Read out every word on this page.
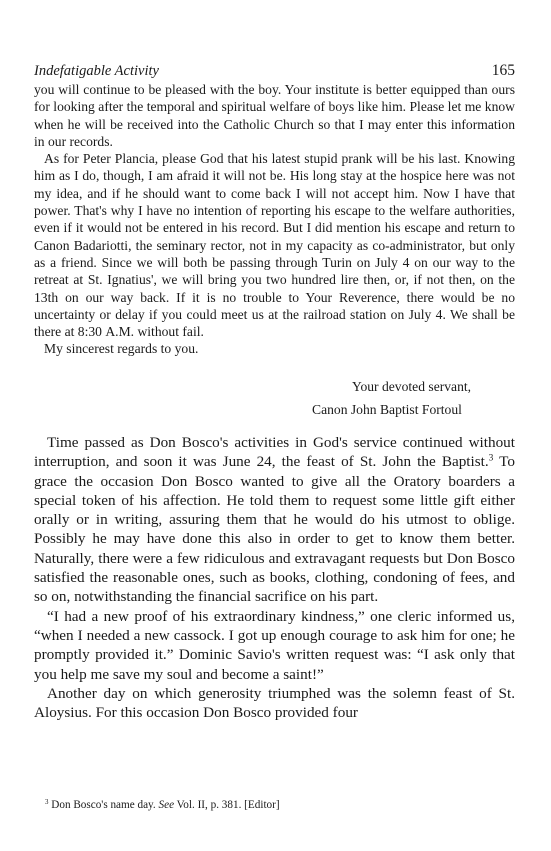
Indefatigable Activity	165

you will continue to be pleased with the boy. Your institute is better equipped than ours for looking after the temporal and spiritual welfare of boys like him. Please let me know when he will be received into the Catholic Church so that I may enter this information in our records.

As for Peter Plancia, please God that his latest stupid prank will be his last. Knowing him as I do, though, I am afraid it will not be. His long stay at the hospice here was not my idea, and if he should want to come back I will not accept him. Now I have that power. That's why I have no intention of reporting his escape to the welfare authorities, even if it would not be entered in his record. But I did mention his escape and return to Canon Badariotti, the seminary rector, not in my capacity as co-administrator, but only as a friend. Since we will both be passing through Turin on July 4 on our way to the retreat at St. Ignatius', we will bring you two hundred lire then, or, if not then, on the 13th on our way back. If it is no trouble to Your Reverence, there would be no uncertainty or delay if you could meet us at the railroad station on July 4. We shall be there at 8:30 A.M. without fail.

My sincerest regards to you.

Your devoted servant,
Canon John Baptist Fortoul

Time passed as Don Bosco's activities in God's service continued without interruption, and soon it was June 24, the feast of St. John the Baptist.$^3$ To grace the occasion Don Bosco wanted to give all the Oratory boarders a special token of his affection. He told them to request some little gift either orally or in writing, assuring them that he would do his utmost to oblige. Possibly he may have done this also in order to get to know them better. Naturally, there were a few ridiculous and extravagant requests but Don Bosco satisfied the reasonable ones, such as books, clothing, condoning of fees, and so on, notwithstanding the financial sacrifice on his part.

“I had a new proof of his extraordinary kindness,” one cleric informed us, “when I needed a new cassock. I got up enough courage to ask him for one; he promptly provided it.” Dominic Savio's written request was: “I ask only that you help me save my soul and become a saint!”

Another day on which generosity triumphed was the solemn feast of St. Aloysius. For this occasion Don Bosco provided four

$^3$ Don Bosco's name day. See Vol. II, p. 381. [Editor]
